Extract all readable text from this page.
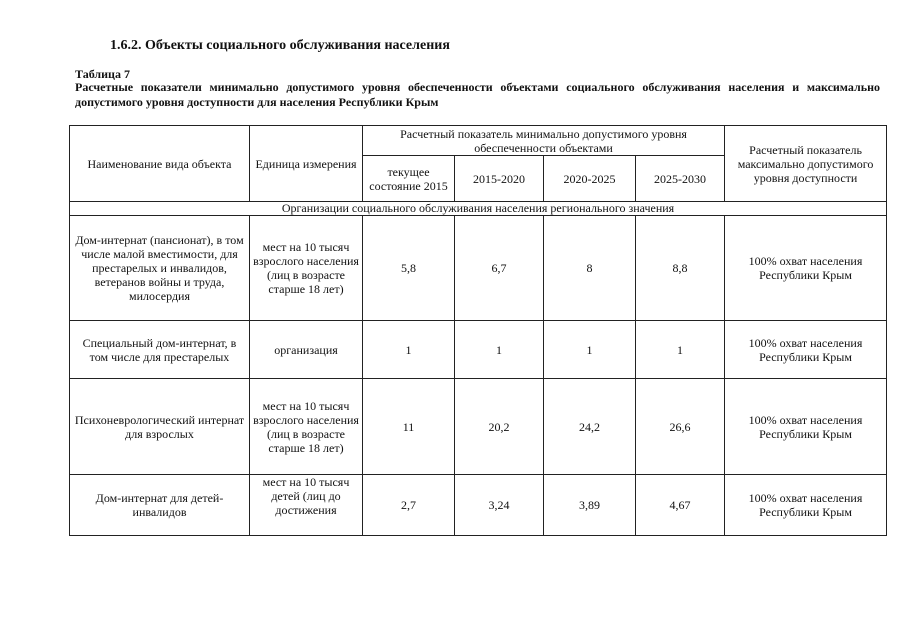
1.6.2. Объекты социального обслуживания населения
Таблица 7
Расчетные показатели минимально допустимого уровня обеспеченности объектами социального обслуживания населения и максимально допустимого уровня доступности для населения Республики Крым
Наименование вида объекта	Единица измерения	Расчетный показатель минимально допустимого уровня обеспеченности объектами				Расчетный показатель максимально допустимого уровня доступности
		текущее состояние 2015	2015-2020	2020-2025	2025-2030	
Организации социального обслуживания населения регионального значения						
Дом-интернат (пансионат), в том числе малой вместимости, для престарелых и инвалидов, ветеранов войны и труда, милосердия	мест на 10 тысяч взрослого населения (лиц в возрасте старше 18 лет)	5,8	6,7	8	8,8	100% охват населения Республики Крым
Специальный дом-интернат, в том числе для престарелых	организация	1	1	1	1	100% охват населения Республики Крым
Психоневрологический интернат для взрослых	мест на 10 тысяч взрослого населения (лиц в возрасте старше 18 лет)	11	20,2	24,2	26,6	100% охват населения Республики Крым
Дом-интернат для детей-инвалидов	мест на 10 тысяч детей (лиц до достижения	2,7	3,24	3,89	4,67	100% охват населения Республики Крым
